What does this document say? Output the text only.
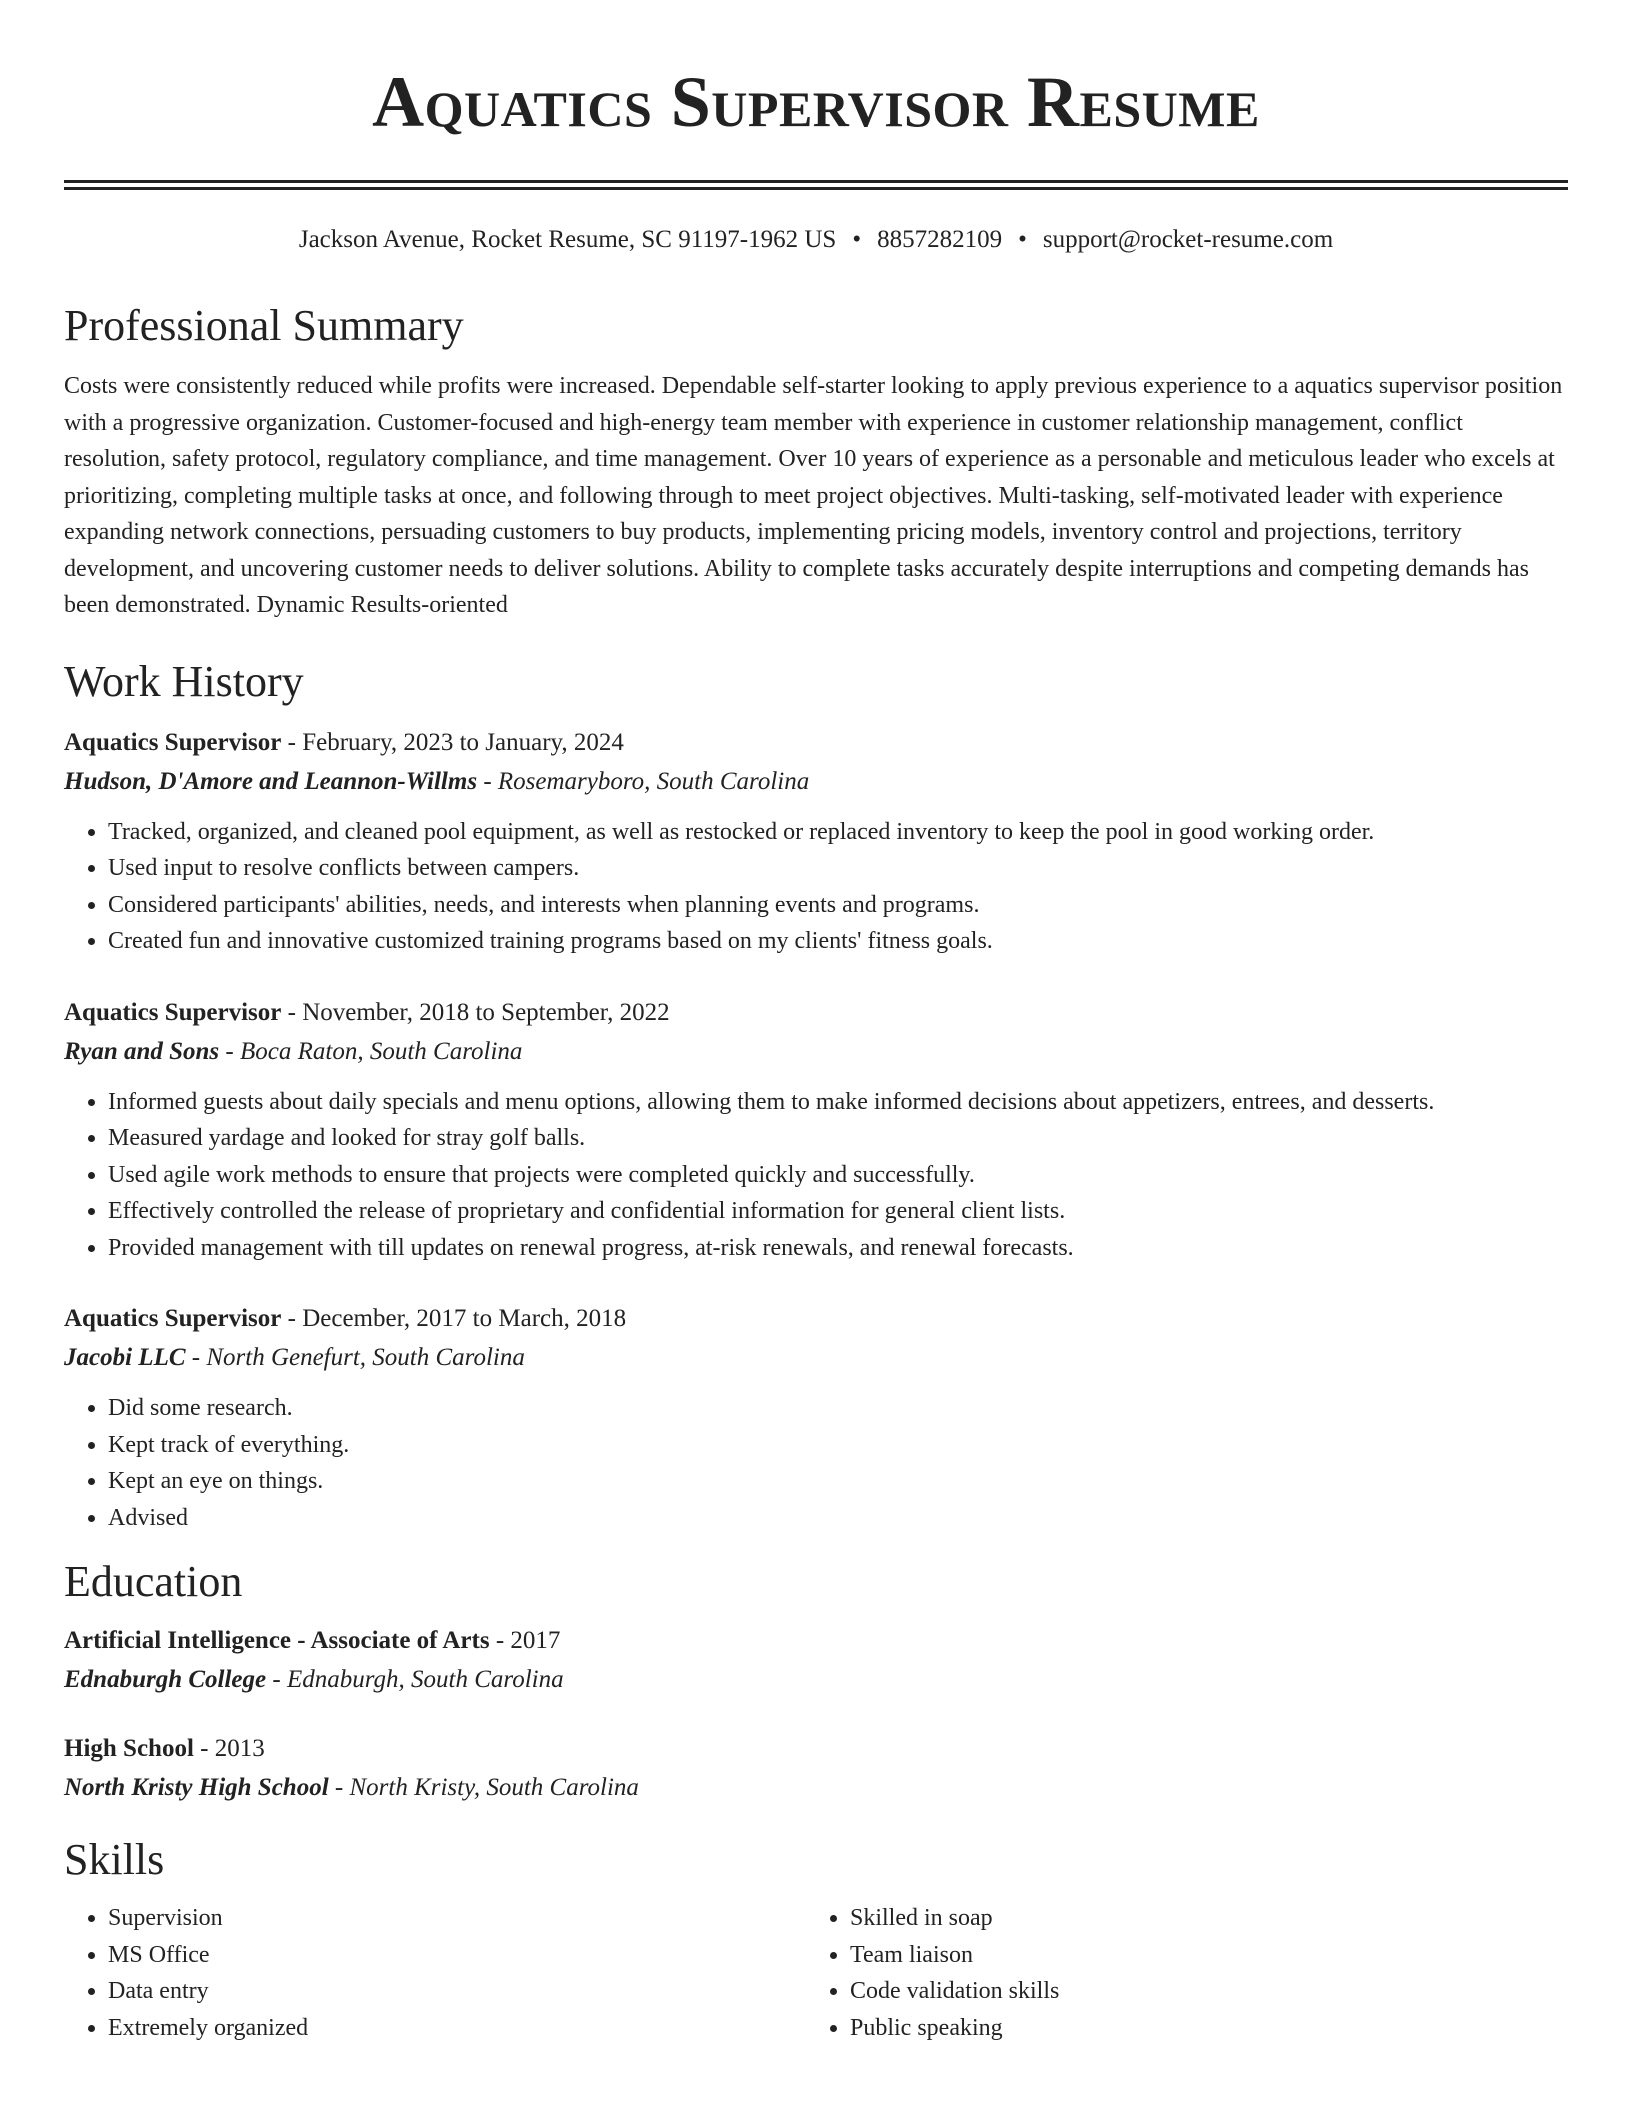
Aquatics Supervisor Resume
Jackson Avenue, Rocket Resume, SC 91197-1962 US • 8857282109 • support@rocket-resume.com
Professional Summary

Costs were consistently reduced while profits were increased. Dependable self-starter looking to apply previous experience to a aquatics supervisor position with a progressive organization. Customer-focused and high-energy team member with experience in customer relationship management, conflict resolution, safety protocol, regulatory compliance, and time management. Over 10 years of experience as a personable and meticulous leader who excels at prioritizing, completing multiple tasks at once, and following through to meet project objectives. Multi-tasking, self-motivated leader with experience expanding network connections, persuading customers to buy products, implementing pricing models, inventory control and projections, territory development, and uncovering customer needs to deliver solutions. Ability to complete tasks accurately despite interruptions and competing demands has been demonstrated. Dynamic Results-oriented

Work History
Aquatics Supervisor - February, 2023 to January, 2024
Hudson, D'Amore and Leannon-Willms - Rosemaryboro, South Carolina
• Tracked, organized, and cleaned pool equipment, as well as restocked or replaced inventory to keep the pool in good working order.
• Used input to resolve conflicts between campers.
• Considered participants' abilities, needs, and interests when planning events and programs.
• Created fun and innovative customized training programs based on my clients' fitness goals.
Aquatics Supervisor - November, 2018 to September, 2022
Ryan and Sons - Boca Raton, South Carolina
• Informed guests about daily specials and menu options, allowing them to make informed decisions about appetizers, entrees, and desserts.
• Measured yardage and looked for stray golf balls.
• Used agile work methods to ensure that projects were completed quickly and successfully.
• Effectively controlled the release of proprietary and confidential information for general client lists.
• Provided management with till updates on renewal progress, at-risk renewals, and renewal forecasts.
Aquatics Supervisor - December, 2017 to March, 2018
Jacobi LLC - North Genefurt, South Carolina
• Did some research.
• Kept track of everything.
• Kept an eye on things.
• Advised
Education
Artificial Intelligence - Associate of Arts - 2017
Ednaburgh College - Ednaburgh, South Carolina
High School - 2013
North Kristy High School - North Kristy, South Carolina
Skills
• Supervision
• MS Office
• Data entry
• Extremely organized
• Skilled in soap
• Team liaison
• Code validation skills
• Public speaking
